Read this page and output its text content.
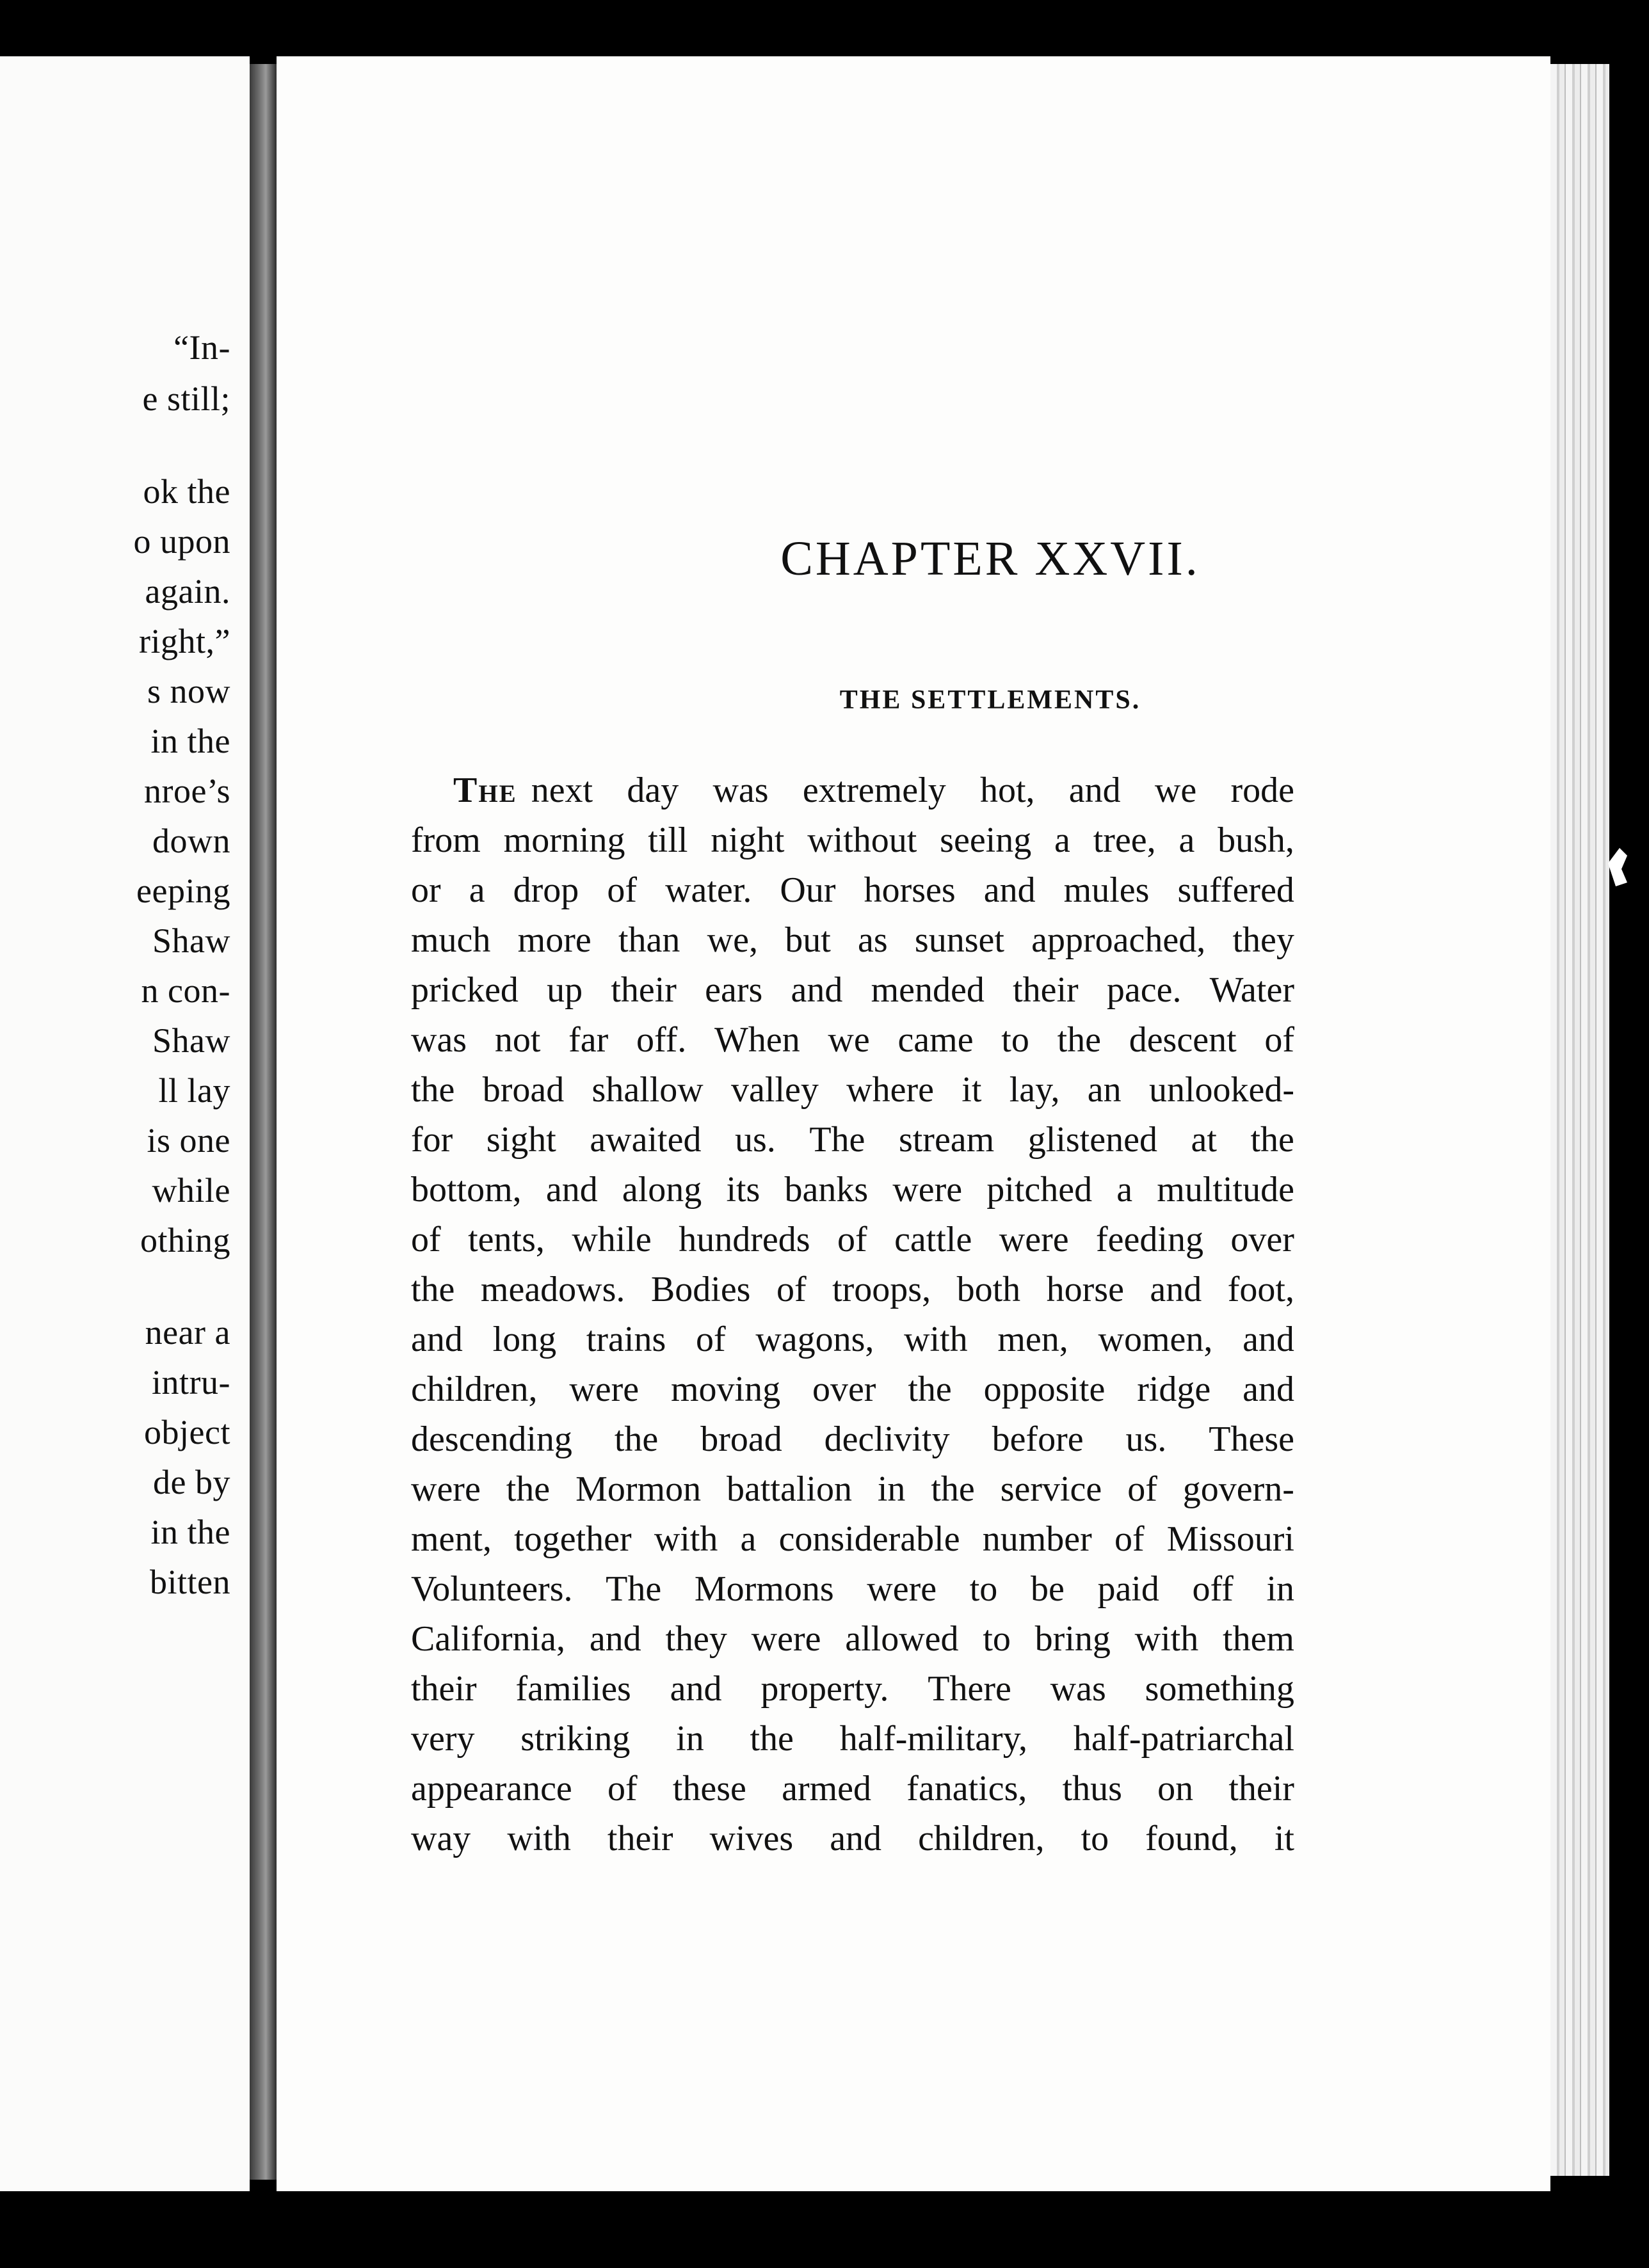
“In-
e still;
ok the
o upon
again.
right,”
s now
in the
nroe’s
down
eeping
Shaw
n con-
Shaw
ll lay
is one
while
othing
near a
intru-
object
de by
in the
bitten
CHAPTER XXVII.
THE SETTLEMENTS.
The next day was extremely hot, and we rode
from morning till night without seeing a tree, a bush,
or a drop of water. Our horses and mules suffered
much more than we, but as sunset approached, they
pricked up their ears and mended their pace. Water
was not far off. When we came to the descent of
the broad shallow valley where it lay, an unlooked-
for sight awaited us. The stream glistened at the
bottom, and along its banks were pitched a multitude
of tents, while hundreds of cattle were feeding over
the meadows. Bodies of troops, both horse and foot,
and long trains of wagons, with men, women, and
children, were moving over the opposite ridge and
descending the broad declivity before us. These
were the Mormon battalion in the service of govern-
ment, together with a considerable number of Missouri
Volunteers. The Mormons were to be paid off in
California, and they were allowed to bring with them
their families and property. There was something
very striking in the half-military, half-patriarchal
appearance of these armed fanatics, thus on their
way with their wives and children, to found, it
